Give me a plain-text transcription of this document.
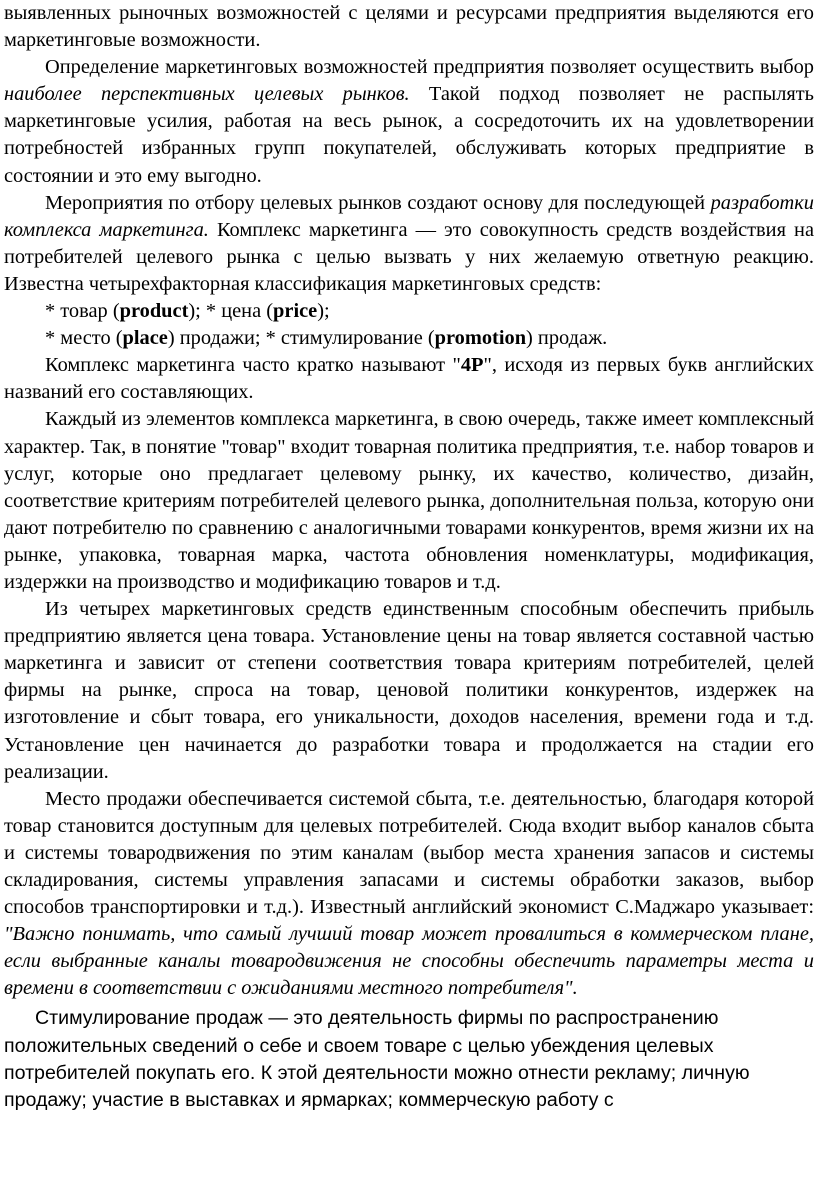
выявленных рыночных возможностей с целями и ресурсами предприятия выделяются его маркетинговые возможности.

Определение маркетинговых возможностей предприятия позволяет осуществить выбор наиболее перспективных целевых рынков. Такой подход позволяет не распылять маркетинговые усилия, работая на весь рынок, а сосредоточить их на удовлетворении потребностей избранных групп покупателей, обслуживать которых предприятие в состоянии и это ему выгодно.

Мероприятия по отбору целевых рынков создают основу для последующей разработки комплекса маркетинга. Комплекс маркетинга — это совокупность средств воздействия на потребителей целевого рынка с целью вызвать у них желаемую ответную реакцию. Известна четырехфакторная классификация маркетинговых средств:

* товар (product); * цена (price);

* место (place) продажи; * стимулирование (promotion) продаж.

Комплекс маркетинга часто кратко называют "4P", исходя из первых букв английских названий его составляющих.

Каждый из элементов комплекса маркетинга, в свою очередь, также имеет комплексный характер. Так, в понятие "товар" входит товарная политика предприятия, т.е. набор товаров и услуг, которые оно предлагает целевому рынку, их качество, количество, дизайн, соответствие критериям потребителей целевого рынка, дополнительная польза, которую они дают потребителю по сравнению с аналогичными товарами конкурентов, время жизни их на рынке, упаковка, товарная марка, частота обновления номенклатуры, модификация, издержки на производство и модификацию товаров и т.д.

Из четырех маркетинговых средств единственным способным обеспечить прибыль предприятию является цена товара. Установление цены на товар является составной частью маркетинга и зависит от степени соответствия товара критериям потребителей, целей фирмы на рынке, спроса на товар, ценовой политики конкурентов, издержек на изготовление и сбыт товара, его уникальности, доходов населения, времени года и т.д. Установление цен начинается до разработки товара и продолжается на стадии его реализации.

Место продажи обеспечивается системой сбыта, т.е. деятельностью, благодаря которой товар становится доступным для целевых потребителей. Сюда входит выбор каналов сбыта и системы товародвижения по этим каналам (выбор места хранения запасов и системы складирования, системы управления запасами и системы обработки заказов, выбор способов транспортировки и т.д.). Известный английский экономист С.Маджаро указывает: "Важно понимать, что самый лучший товар может провалиться в коммерческом плане, если выбранные каналы товародвижения не способны обеспечить параметры места и времени в соответствии с ожиданиями местного потребителя".

Стимулирование продаж — это деятельность фирмы по распространению положительных сведений о себе и своем товаре с целью убеждения целевых потребителей покупать его. К этой деятельности можно отнести рекламу; личную продажу; участие в выставках и ярмарках; коммерческую работу с
